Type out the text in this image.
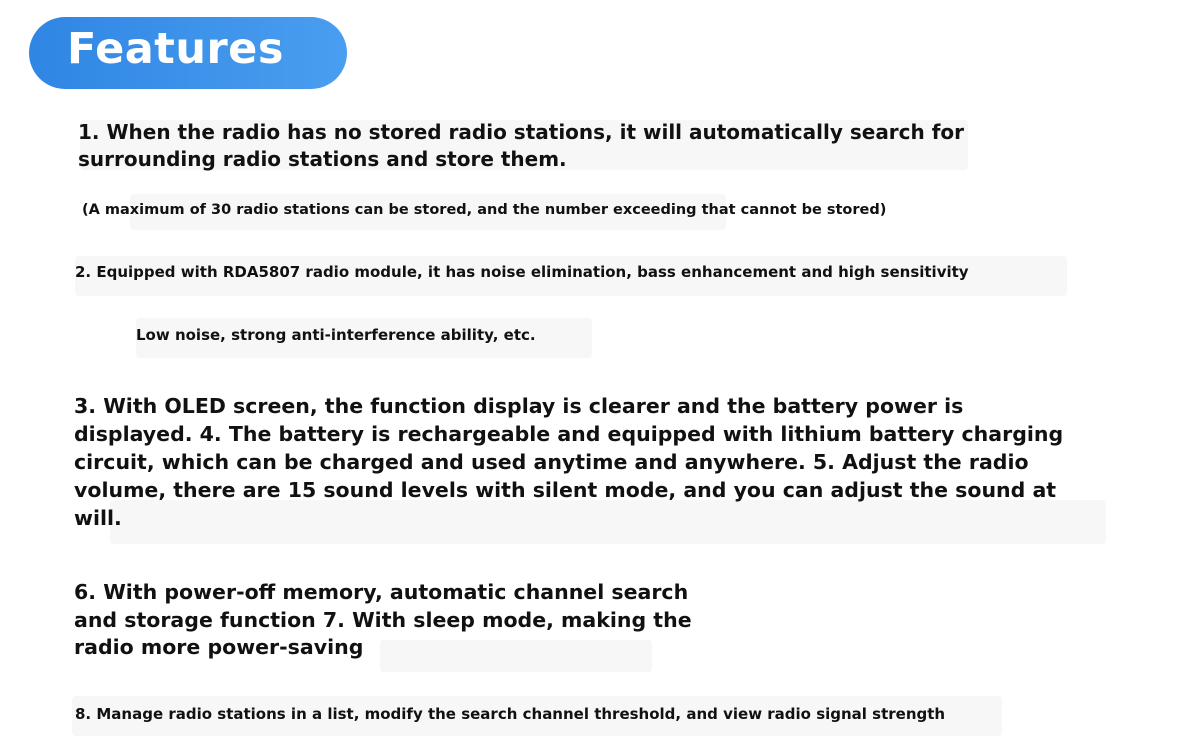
Features
1. When the radio has no stored radio stations, it will automatically search for
surrounding radio stations and store them.
(A maximum of 30 radio stations can be stored, and the number exceeding that cannot be stored)
2. Equipped with RDA5807 radio module, it has noise elimination, bass enhancement and high sensitivity
Low noise, strong anti-interference ability, etc.
3. With OLED screen, the function display is clearer and the battery power is
displayed. 4. The battery is rechargeable and equipped with lithium battery charging
circuit, which can be charged and used anytime and anywhere. 5. Adjust the radio
volume, there are 15 sound levels with silent mode, and you can adjust the sound at
will.
6. With power-off memory, automatic channel search
and storage function 7. With sleep mode, making the
radio more power-saving
8. Manage radio stations in a list, modify the search channel threshold, and view radio signal strength
